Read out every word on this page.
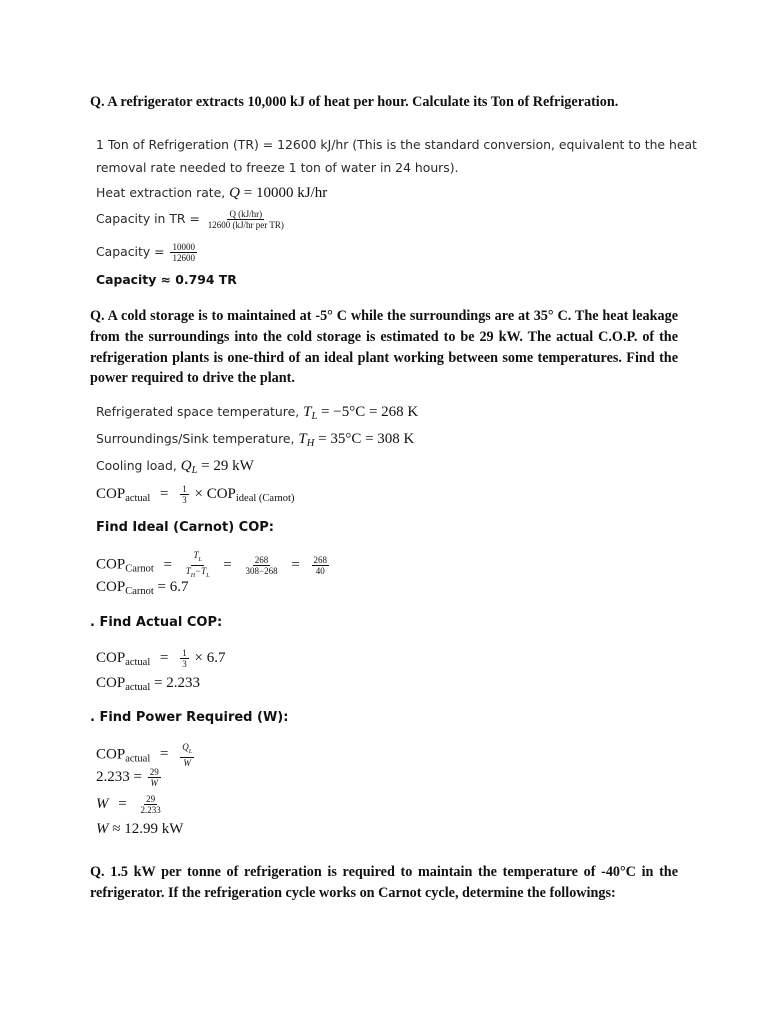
Q. A refrigerator extracts 10,000 kJ of heat per hour. Calculate its Ton of Refrigeration.
1 Ton of Refrigeration (TR) = 12600 kJ/hr (This is the standard conversion, equivalent to the heat
removal rate needed to freeze 1 ton of water in 24 hours).
Heat extraction rate, Q = 10000 kJ/hr
Capacity in TR = $\frac{Q (kJ/hr)}{\text{12600 (kJ/hr per TR)}}$
Capacity = $\frac{10000}{12600}$
Capacity ≈ 0.794 TR
Q. A cold storage is to maintained at -5° C while the surroundings are at 35° C. The heat leakage from the surroundings into the cold storage is estimated to be 29 kW. The actual C.O.P. of the refrigeration plants is one-third of an ideal plant working between some temperatures. Find the power required to drive the plant.
Refrigerated space temperature, $T_L = -5^\circ C = 268$ K
Surroundings/Sink temperature, $T_H = 35^\circ C = 308$ K
Cooling load, $Q_L = 29$ kW
$COP_{actual} = \frac{1}{3} \times COP_{ideal (Carnot)}$
Find Ideal (Carnot) COP:
$COP_{Carnot} = \frac{T_L}{T_H-T_L} = \frac{268}{308-268} = \frac{268}{40}$
$COP_{Carnot} = 6.7$
. Find Actual COP:
$COP_{actual} = \frac{1}{3} \times 6.7$
$COP_{actual} = 2.233$
. Find Power Required (W):
$COP_{actual} = \frac{Q_L}{W}$
$2.233 = \frac{29}{W}$
$W = \frac{29}{2.233}$
W ≈ 12.99 kW
Q. 1.5 kW per tonne of refrigeration is required to maintain the temperature of -40°C in the refrigerator. If the refrigeration cycle works on Carnot cycle, determine the followings:
